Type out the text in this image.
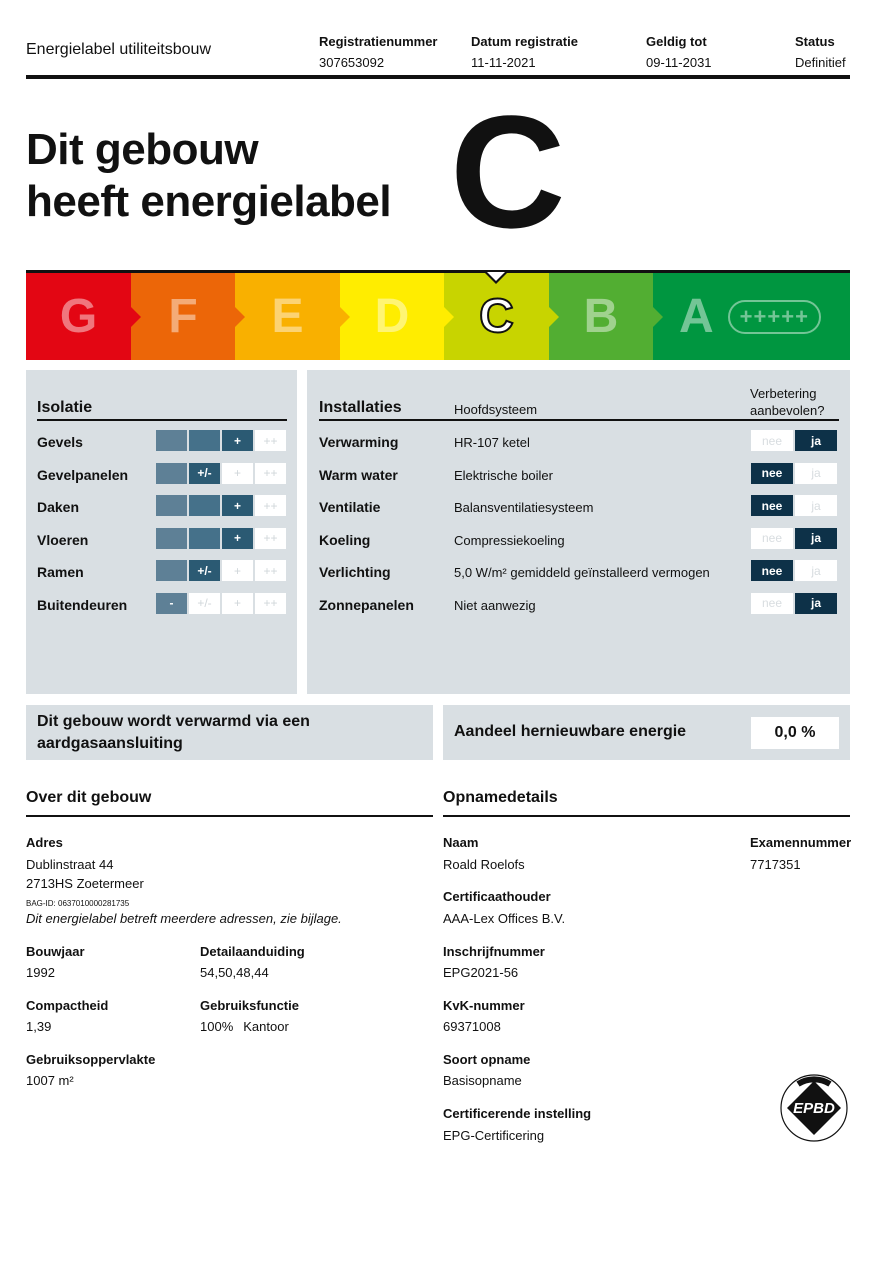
Energielabel utiliteitsbouw	Registratienummer
307653092
Datum registratie
11-11-2021
Geldig tot
09-11-2031
Status
Definitief
Dit gebouw
heeft energielabel C
G F E D C B A	+++++
Isolatie
Gevels	+	++
Gevelpanelen	+/-	+	++
Daken	+	++
Vloeren	+	++
Ramen	+/-	+	++
Buitendeuren	-	+/-	+	++
Installaties	Hoofdsysteem
Verbetering
aanbevolen?
Verwarming	HR-107 ketel	nee	ja
Warm water	Elektrische boiler	nee	ja
Ventilatie	Balansventilatiesysteem	nee	ja
Koeling	Compressiekoeling	nee	ja
Verlichting	5,0 W/m² gemiddeld geïnstalleerd vermogen	nee	ja
Zonnepanelen	Niet aanwezig	nee	ja
Dit gebouw wordt verwarmd via een
aardgasaansluiting
Aandeel hernieuwbare energie	0,0 %
Over dit gebouw
Adres
Dublinstraat 44
2713HS Zoetermeer
BAG-ID: 0637010000281735
Dit energielabel betreft meerdere adressen, zie bijlage.
Bouwjaar
1992
Detailaanduiding
54,50,48,44
Compactheid
1,39
Gebruiksfunctie
100% Kantoor
Gebruiksoppervlakte
1007 m²
Opnamedetails
Naam
Roald Roelofs
Examennummer
7717351
Certificaathouder
AAA-Lex Offices B.V.
Inschrijfnummer
EPG2021-56
KvK-nummer
69371008
Soort opname
Basisopname
Certificerende instelling
EPG-Certificering
EPBD
